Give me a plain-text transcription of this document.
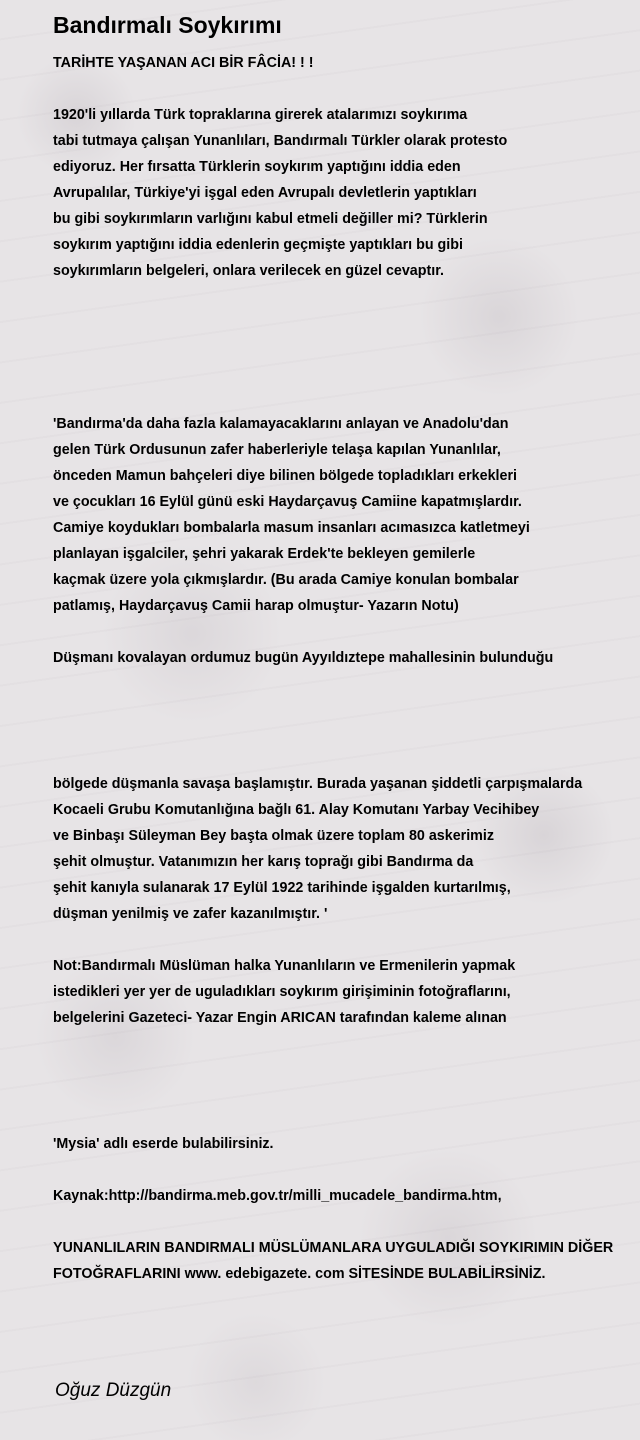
Bandırmalı Soykırımı

TARİHTE YAŞANAN ACI BİR FÂCİA! ! !

1920'li yıllarda Türk topraklarına girerek atalarımızı soykırıma
tabi tutmaya çalışan Yunanlıları, Bandırmalı Türkler olarak protesto
ediyoruz. Her fırsatta Türklerin soykırım yaptığını iddia eden
Avrupalılar, Türkiye'yi işgal eden Avrupalı devletlerin yaptıkları
bu gibi soykırımların varlığını kabul etmeli değiller mi? Türklerin
soykırım yaptığını iddia edenlerin geçmişte yaptıkları bu gibi
soykırımların belgeleri, onlara verilecek en güzel cevaptır.

'Bandırma'da daha fazla kalamayacaklarını anlayan ve Anadolu'dan
gelen Türk Ordusunun zafer haberleriyle telaşa kapılan Yunanlılar,
önceden Mamun bahçeleri diye bilinen bölgede topladıkları erkekleri
ve çocukları 16 Eylül günü eski Haydarçavuş Camiine kapatmışlardır.
Camiye koydukları bombalarla masum insanları acımasızca katletmeyi
planlayan işgalciler, şehri yakarak Erdek'te bekleyen gemilerle
kaçmak üzere yola çıkmışlardır. (Bu arada Camiye konulan bombalar
patlamış, Haydarçavuş Camii harap olmuştur- Yazarın Notu)

Düşmanı kovalayan ordumuz bugün Ayyıldıztepe mahallesinin bulunduğu

bölgede düşmanla savaşa başlamıştır. Burada yaşanan şiddetli çarpışmalarda
Kocaeli Grubu Komutanlığına bağlı 61. Alay Komutanı Yarbay Vecihibey
ve Binbaşı Süleyman Bey başta olmak üzere toplam 80 askerimiz
şehit olmuştur. Vatanımızın her karış toprağı gibi Bandırma da
şehit kanıyla sulanarak 17 Eylül 1922 tarihinde işgalden kurtarılmış,
düşman yenilmiş ve zafer kazanılmıştır. '

Not:Bandırmalı Müslüman halka Yunanlıların ve Ermenilerin yapmak
istedikleri yer yer de uguladıkları soykırım girişiminin fotoğraflarını,
belgelerini Gazeteci- Yazar Engin ARICAN tarafından kaleme alınan

'Mysia' adlı eserde bulabilirsiniz.

Kaynak:http://bandirma.meb.gov.tr/milli_mucadele_bandirma.htm,

YUNANLILARIN BANDIRMALI MÜSLÜMANLARA UYGULADIĞI SOYKIRIMIN DİĞER
FOTOĞRAFLARINI www. edebigazete. com SİTESİNDE BULABİLİRSİNİZ.

Oğuz Düzgün
